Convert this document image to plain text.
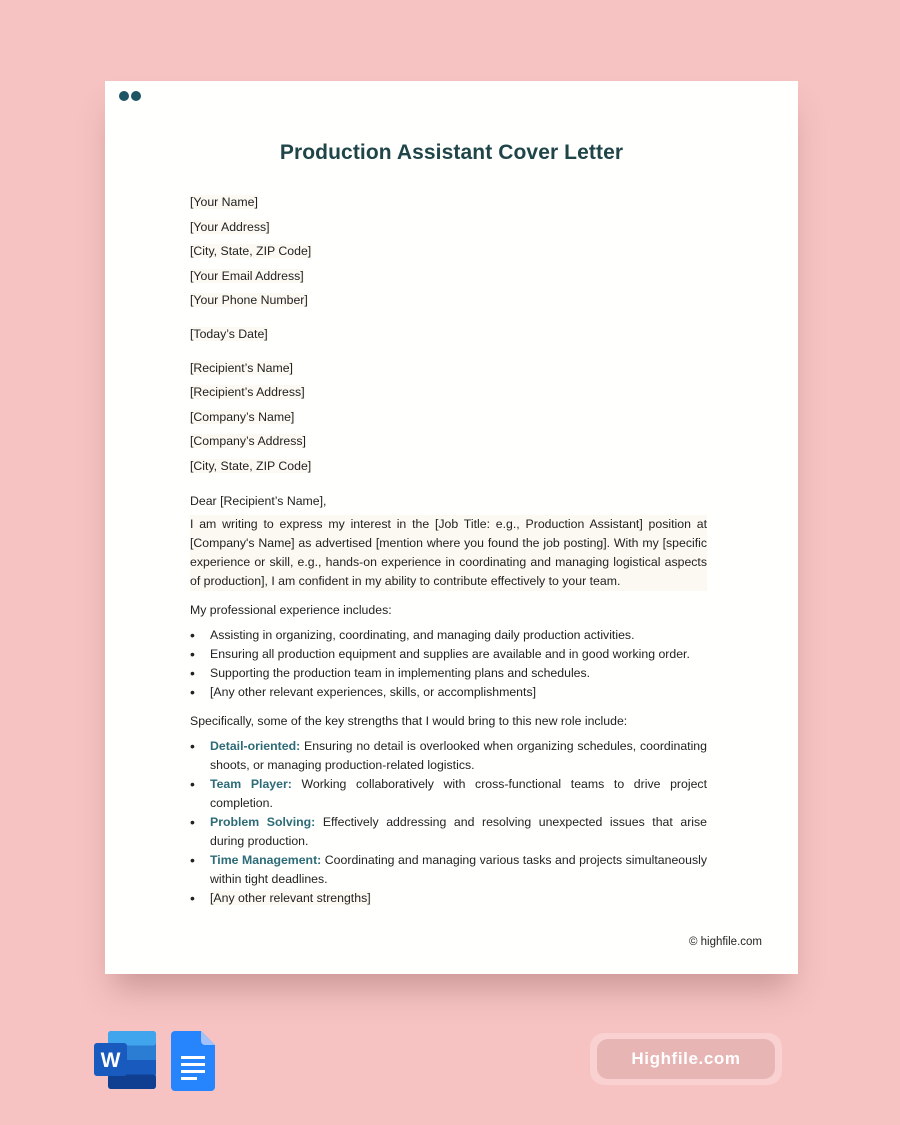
Production Assistant Cover Letter
[Your Name]
[Your Address]
[City, State, ZIP Code]
[Your Email Address]
[Your Phone Number]
[Today’s Date]
[Recipient’s Name]
[Recipient’s Address]
[Company’s Name]
[Company’s Address]
[City, State, ZIP Code]

Dear [Recipient’s Name],

I am writing to express my interest in the [Job Title: e.g., Production Assistant] position at [Company's Name] as advertised [mention where you found the job posting]. With my [specific experience or skill, e.g., hands-on experience in coordinating and managing logistical aspects of production], I am confident in my ability to contribute effectively to your team.

My professional experience includes:

• Assisting in organizing, coordinating, and managing daily production activities.
• Ensuring all production equipment and supplies are available and in good working order.
• Supporting the production team in implementing plans and schedules.
• [Any other relevant experiences, skills, or accomplishments]

Specifically, some of the key strengths that I would bring to this new role include:

• Detail-oriented: Ensuring no detail is overlooked when organizing schedules, coordinating shoots, or managing production-related logistics.
• Team Player: Working collaboratively with cross-functional teams to drive project completion.
• Problem Solving: Effectively addressing and resolving unexpected issues that arise during production.
• Time Management: Coordinating and managing various tasks and projects simultaneously within tight deadlines.
• [Any other relevant strengths]
© highfile.com
W	Highfile.com
